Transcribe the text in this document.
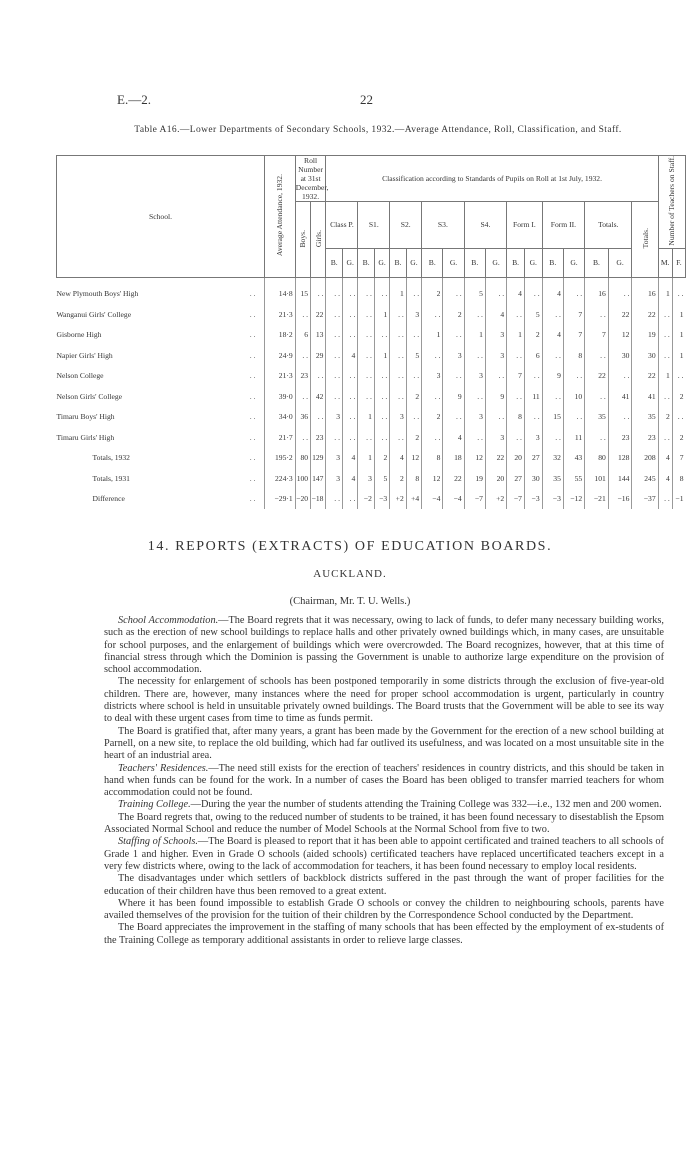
E.—2.	22
Table A16.—Lower Departments of Secondary Schools, 1932.—Average Attendance, Roll, Classification, and Staff.
School.		Average Attendance, 1932.	Roll Number at 31st December, 1932.		Classification according to Standards of Pupils on Roll at 1st July, 1932.																	Number of Teachers on Staff.	
			Boys.	Girls.	Class P.		S1.		S2.		S3.		S4.		Form I.		Form II.		Totals.		Totals.		
					B.	G.	B.	G.	B.	G.	B.	G.	B.	G.	B.	G.	B.	G.	B.	G.		M.	F.
New Plymouth Boys' High	. .	14·8	15	. .	. .	. .	. .	. .	1	. .	2	. .	5	. .	4	. .	4	. .	16	. .	16	1	. .
Wanganui Girls' College	. .	21·3	. .	22	. .	. .	. .	1	. .	3	. .	2	. .	4	. .	5	. .	7	. .	22	22	. .	1
Gisborne High	. .	18·2	6	13	. .	. .	. .	. .	. .	. .	1	. .	1	3	1	2	4	7	7	12	19	. .	1
Napier Girls' High	. .	24·9	. .	29	. .	4	. .	1	. .	5	. .	3	. .	3	. .	6	. .	8	. .	30	30	. .	1
Nelson College	. .	21·3	23	. .	. .	. .	. .	. .	. .	. .	3	. .	3	. .	7	. .	9	. .	22	. .	22	1	. .
Nelson Girls' College	. .	39·0	. .	42	. .	. .	. .	. .	. .	2	. .	9	. .	9	. .	11	. .	10	. .	41	41	. .	2
Timaru Boys' High	. .	34·0	36	. .	3	. .	1	. .	3	. .	2	. .	3	. .	8	. .	15	. .	35	. .	35	2	. .
Timaru Girls' High	. .	21·7	. .	23	. .	. .	. .	. .	. .	2	. .	4	. .	3	. .	3	. .	11	. .	23	23	. .	2
Totals, 1932	. .	195·2	80	129	3	4	1	2	4	12	8	18	12	22	20	27	32	43	80	128	208	4	7
Totals, 1931	. .	224·3	100	147	3	4	3	5	2	8	12	22	19	20	27	30	35	55	101	144	245	4	8
Difference	. .	−29·1	−20	−18	. .	. .	−2	−3	+2	+4	−4	−4	−7	+2	−7	−3	−3	−12	−21	−16	−37	. .	−1
14. REPORTS (EXTRACTS) OF EDUCATION BOARDS.
AUCKLAND.
(Chairman, Mr. T. U. Wells.)

School Accommodation.—The Board regrets that it was necessary, owing to lack of funds, to defer many necessary building works, such as the erection of new school buildings to replace halls and other privately owned buildings which, in many cases, are unsuitable for school purposes, and the enlargement of buildings which were overcrowded. The Board recognizes, however, that at this time of financial stress through which the Dominion is passing the Government is unable to authorize large expenditure on the provision of school accommodation.

The necessity for enlargement of schools has been postponed temporarily in some districts through the exclusion of five-year-old children. There are, however, many instances where the need for proper school accommodation is urgent, particularly in country districts where school is held in unsuitable privately owned buildings. The Board trusts that the Government will be able to see its way to deal with these urgent cases from time to time as funds permit.

The Board is gratified that, after many years, a grant has been made by the Government for the erection of a new school building at Parnell, on a new site, to replace the old building, which had far outlived its usefulness, and was located on a most unsuitable site in the heart of an industrial area.

Teachers' Residences.—The need still exists for the erection of teachers' residences in country districts, and this should be taken in hand when funds can be found for the work. In a number of cases the Board has been obliged to transfer married teachers for whom accommodation could not be found.

Training College.—During the year the number of students attending the Training College was 332—i.e., 132 men and 200 women.

The Board regrets that, owing to the reduced number of students to be trained, it has been found necessary to disestablish the Epsom Associated Normal School and reduce the number of Model Schools at the Normal School from five to two.

Staffing of Schools.—The Board is pleased to report that it has been able to appoint certificated and trained teachers to all schools of Grade 1 and higher. Even in Grade O schools (aided schools) certificated teachers have replaced uncertificated teachers except in a very few districts where, owing to the lack of accommodation for teachers, it has been found necessary to employ local residents.

The disadvantages under which settlers of backblock districts suffered in the past through the want of proper facilities for the education of their children have thus been removed to a great extent.

Where it has been found impossible to establish Grade O schools or convey the children to neighbouring schools, parents have availed themselves of the provision for the tuition of their children by the Correspondence School conducted by the Department.

The Board appreciates the improvement in the staffing of many schools that has been effected by the employment of ex-students of the Training College as temporary additional assistants in order to relieve large classes.
